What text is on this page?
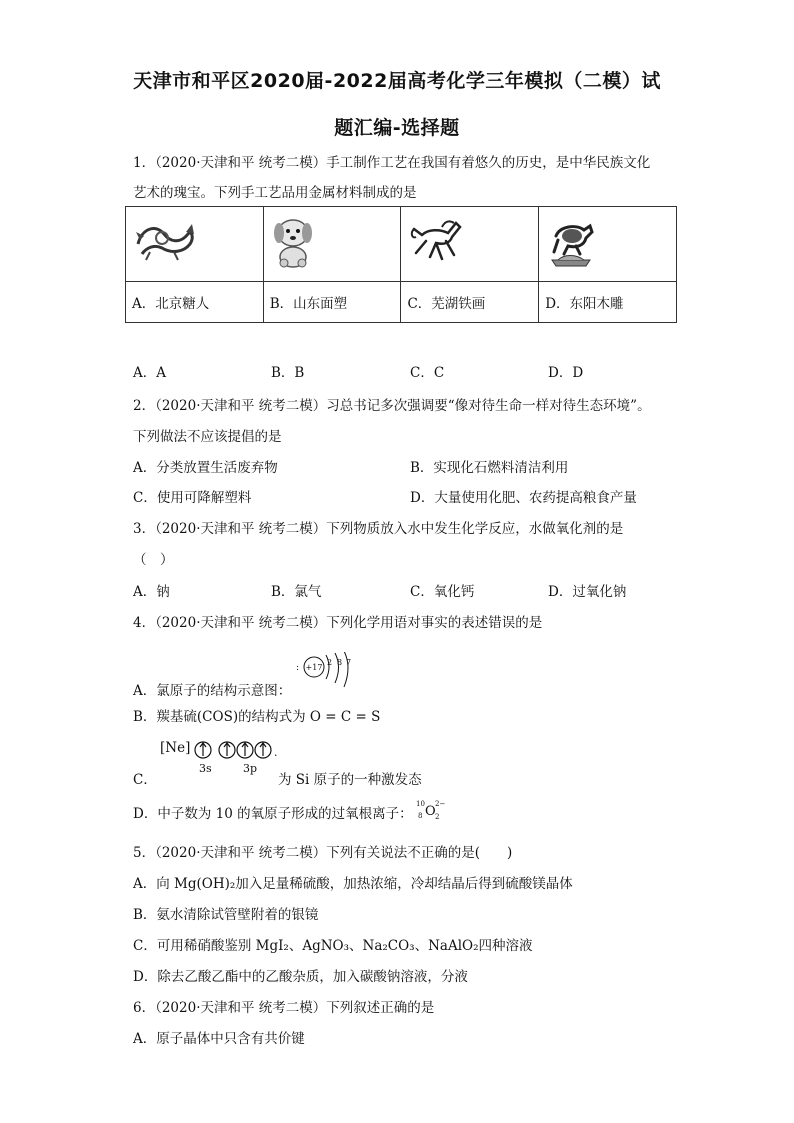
天津市和平区2020届-2022届高考化学三年模拟（二模）试
题汇编-选择题
1．（2020·天津和平 统考二模）手工制作工艺在我国有着悠久的历史，是中华民族文化
艺术的瑰宝。下列手工艺品用金属材料制成的是

A．北京糖人	B．山东面塑	C．芜湖铁画	D．东阳木雕
A．A	B．B	C．C	D．D
2．（2020·天津和平 统考二模）习总书记多次强调要“像对待生命一样对待生态环境”。
下列做法不应该提倡的是
A．分类放置生活废弃物	B．实现化石燃料清洁利用
C．使用可降解塑料	D．大量使用化肥、农药提高粮食产量
3．（2020·天津和平 统考二模）下列物质放入水中发生化学反应，水做氧化剂的是
（　）
A．钠	B．氯气	C．氧化钙	D．过氧化钠
4．（2020·天津和平 统考二模）下列化学用语对事实的表述错误的是
A．氯原子的结构示意图：
: +17
2 8 7
B．羰基硫(COS)的结构式为 O = C = S
[Ne]	.
3s	3p
C．	为 Si 原子的一种激发态
D．中子数为 10 的氧原子形成的过氧根离子：
10
8 O 2
2−
5．（2020·天津和平 统考二模）下列有关说法不正确的是(　　)
A．向 Mg(OH)₂加入足量稀硫酸，加热浓缩，冷却结晶后得到硫酸镁晶体
B．氨水清除试管壁附着的银镜
C．可用稀硝酸鉴别 MgI₂、AgNO₃、Na₂CO₃、NaAlO₂四种溶液
D．除去乙酸乙酯中的乙酸杂质，加入碳酸钠溶液，分液
6．（2020·天津和平 统考二模）下列叙述正确的是
A．原子晶体中只含有共价键
